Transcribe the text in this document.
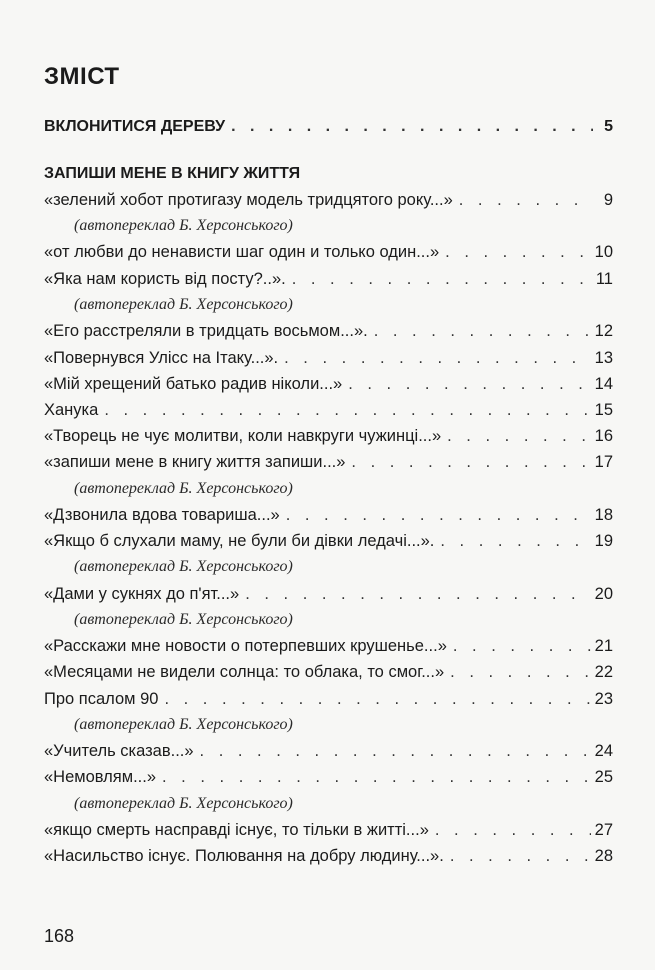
ЗМІСТ
ВКЛОНИТИСЯ ДЕРЕВУ . . .	5
ЗАПИШИ МЕНЕ В КНИГУ ЖИТТЯ
«зелений хобот протигазу модель тридцятого року...» . . .	9
(автопереклад Б. Херсонського)
«от любви до ненависти шаг один и только один...» . . .	10
«Яка нам користь від посту?..». . . .	11
(автопереклад Б. Херсонського)
«Его расстреляли в тридцать восьмом...». . . .	12
«Повернувся Улісс на Ітаку...». . . .	13
«Мій хрещений батько радив ніколи...» . . .	14
Ханука . . .	15
«Творець не чує молитви, коли навкруги чужинці...» . . .	16
«запиши мене в книгу життя запиши...» . . .	17
(автопереклад Б. Херсонського)
«Дзвонила вдова товариша...» . . .	18
«Якщо б слухали маму, не були би дівки ледачі...». . . .	19
(автопереклад Б. Херсонського)
«Дами у сукнях до п'ят...» . . .	20
(автопереклад Б. Херсонського)
«Расскажи мне новости о потерпевших крушенье...» . . .	21
«Месяцами не видели солнца: то облака, то смог...» . . .	22
Про псалом 90 . . .	23
(автопереклад Б. Херсонського)
«Учитель сказав...» . . .	24
«Немовлям...» . . .	25
(автопереклад Б. Херсонського)
«якщо смерть насправді існує, то тільки в житті...» . . .	27
«Насильство існує. Полювання на добру людину...». . . .	28
168
